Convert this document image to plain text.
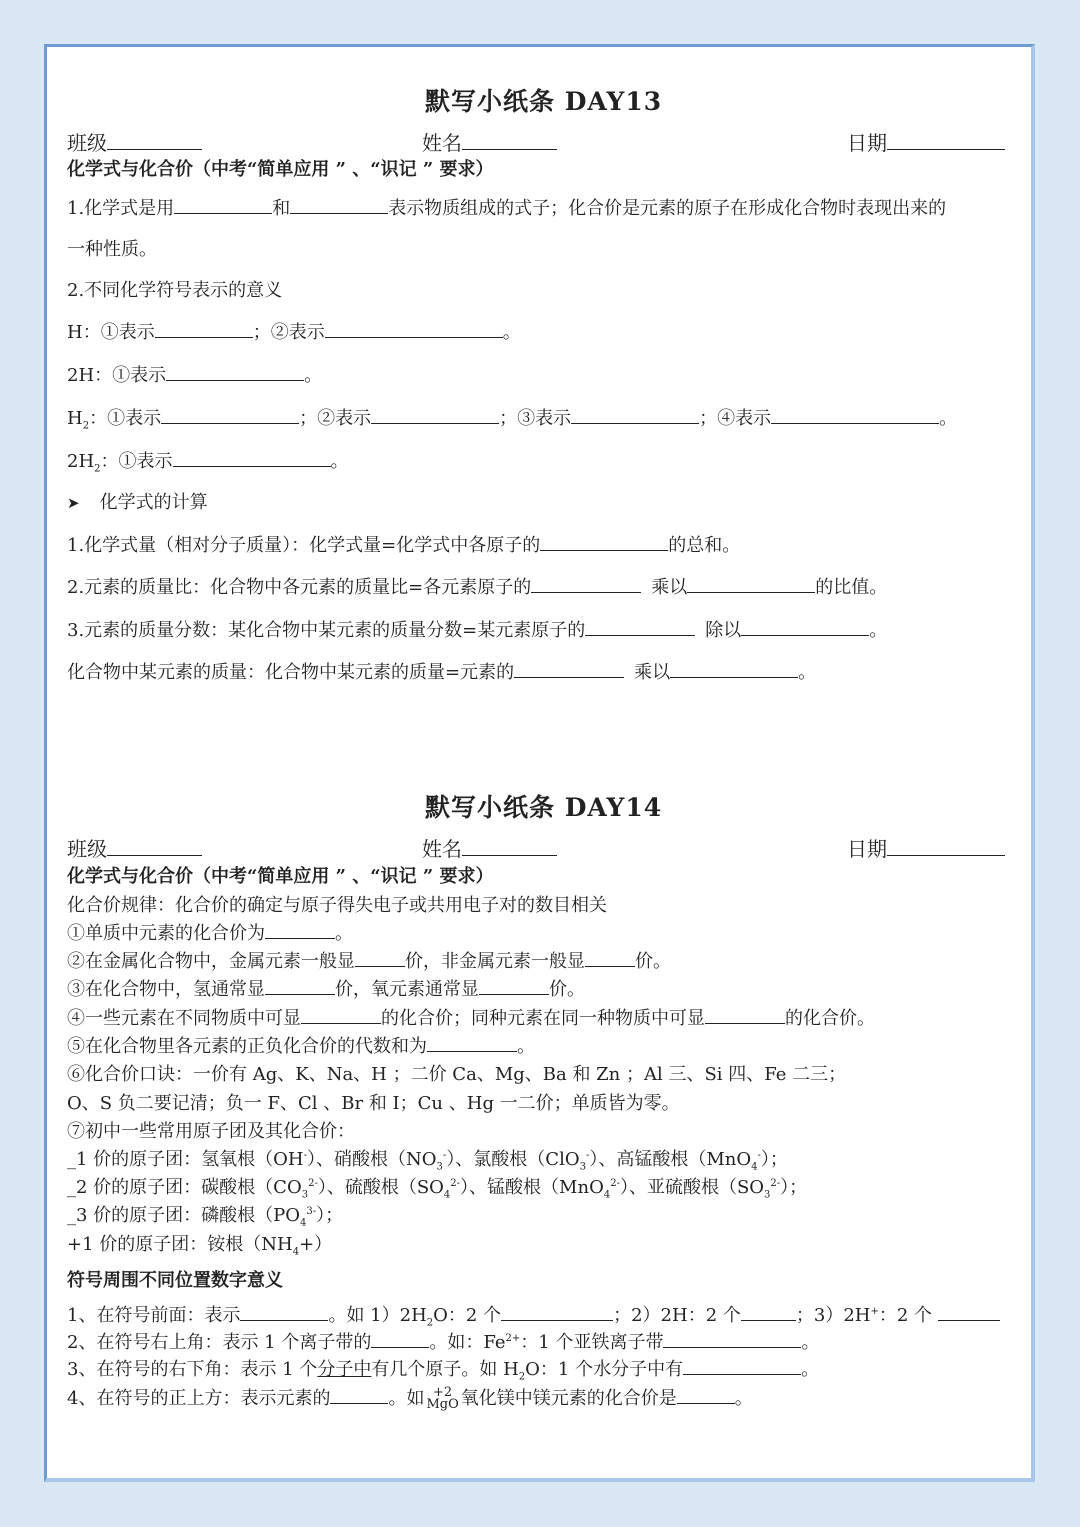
默写小纸条 DAY13
班级	姓名	日期
化学式与化合价（中考“简单应用 ” 、“识记 ” 要求）
1.化学式是用	和	表示物质组成的式子；化合价是元素的原子在形成化合物时表现出来的
一种性质。
2.不同化学符号表示的意义
H：①表示	；②表示	。
2H：①表示	。
$H_2$：①表示	；②表示	；③表示	；④表示	。
$2H_2$：①表示	。
➤ 化学式的计算
1.化学式量（相对分子质量）：化学式量=化学式中各原子的	的总和。
2.元素的质量比：化合物中各元素的质量比=各元素原子的	乘以	的比值。
3.元素的质量分数：某化合物中某元素的质量分数=某元素原子的	除以	。
化合物中某元素的质量：化合物中某元素的质量=元素的	乘以	。
默写小纸条 DAY14
班级	姓名	日期
化学式与化合价（中考“简单应用 ” 、“识记 ” 要求）
化合价规律：化合价的确定与原子得失电子或共用电子对的数目相关
①单质中元素的化合价为	。
②在金属化合物中，金属元素一般显	价，非金属元素一般显	价。
③在化合物中，氢通常显	价，氧元素通常显	价。
④一些元素在不同物质中可显	的化合价；同种元素在同一种物质中可显	的化合价。
⑤在化合物里各元素的正负化合价的代数和为	。
⑥化合价口诀：一价有 Ag、K、Na、H ；二价 Ca、Mg、Ba 和 Zn ；Al 三、Si 四、Fe 二三；
O、S 负二要记清；负一 F、Cl 、Br 和 I；Cu 、Hg 一二价；单质皆为零。
⑦初中一些常用原子团及其化合价：
_1 价的原子团：氢氧根（OH-）、硝酸根$(NO_3^-)$、氯酸根（ClO$_3$-）、高锰酸根（MnO$_4$-）；
_2 价的原子团：碳酸根$(CO_3^{2-})$、硫酸根$(SO_4^{2-})$、锰酸根（MnO$_4^{2-}$）、亚硫酸根$(SO_3^{2-})$；
_3 价的原子团：磷酸根$(PO_4^{3-})$；
+1 价的原子团：铵根$(NH_4+)$
符号周围不同位置数字意义
1、在符号前面：表示	。如 $1)2H_2O$：2 个	；2）2H：2 个	；3）2H+：2 个
2、在符号右上角：表示 1 个离子带的	。如：$Fe^{2+}$：1 个亚铁离子带	。
3、在符号的右下角：表示 1 个分子中有几个原子。如 $H_2O$：1 个水分子中有	。
4、在符号的正上方：表示元素的	。如 +2
MgO 氧化镁中镁元素的化合价是	。
